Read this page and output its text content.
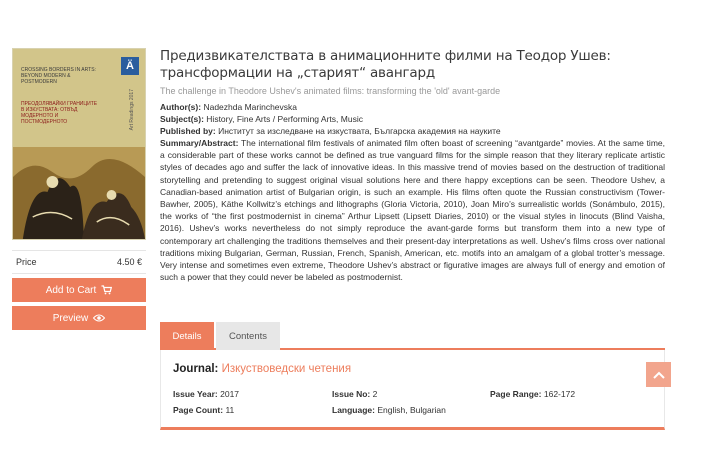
CROSSING BORDERS IN ARTS: BEYOND MODERN & POSTMODERN
ПРЕОДОЛЯВАЙКИ ГРАНИЦИТЕ В ИЗКУСТВАТА: ОТВЪД МОДЕРНОТО И ПОСТМОДЕРНОТО
Ä
Art Readings 2017
Price	4.50 €
Add to Cart
Preview
Предизвикателствата в анимационните филми на Теодор Ушев: трансформации на „старият“ авангард
The challenge in Theodore Ushev's animated films: transforming the 'old' avant-garde
Author(s): Nadezhda Marinchevska
Subject(s): History, Fine Arts / Performing Arts, Music
Published by: Институт за изследване на изкуствата, Българска академия на науките
Summary/Abstract: The international film festivals of animated film often boast of screening “avantgarde” movies. At the same time, a considerable part of these works cannot be defined as true vanguard films for the simple reason that they literary replicate artistic styles of decades ago and suffer the lack of innovative ideas. In this massive trend of movies based on the destruction of traditional storytelling and pretending to suggest original visual solutions here and there happy exceptions can be seen. Theodore Ushev, a Canadian-based animation artist of Bulgarian origin, is such an example. His films often quote the Russian constructivism (Tower-Bawher, 2005), Käthe Kollwitz’s etchings and lithographs (Gloria Victoria, 2010), Joan Miro’s surrealistic worlds (Sonámbulo, 2015), the works of “the first postmodernist in cinema” Arthur Lipsett (Lipsett Diaries, 2010) or the visual styles in linocuts (Blind Vaisha, 2016). Ushev’s works nevertheless do not simply reproduce the avant-garde forms but transform them into a new type of contemporary art challenging the traditions themselves and their present-day interpretations as well. Ushev’s films cross over national traditions mixing Bulgarian, German, Russian, French, Spanish, American, etc. motifs into an amalgam of a global trotter’s message. Very intense and sometimes even extreme, Theodore Ushev’s abstract or figurative images are always full of energy and emotion of such a power that they could never be labeled as postmodernist.
Details	Contents
Journal: Изкуствоведски четения
Issue Year: 2017	Issue No: 2	Page Range: 162-172
Page Count: 11	Language: English, Bulgarian
